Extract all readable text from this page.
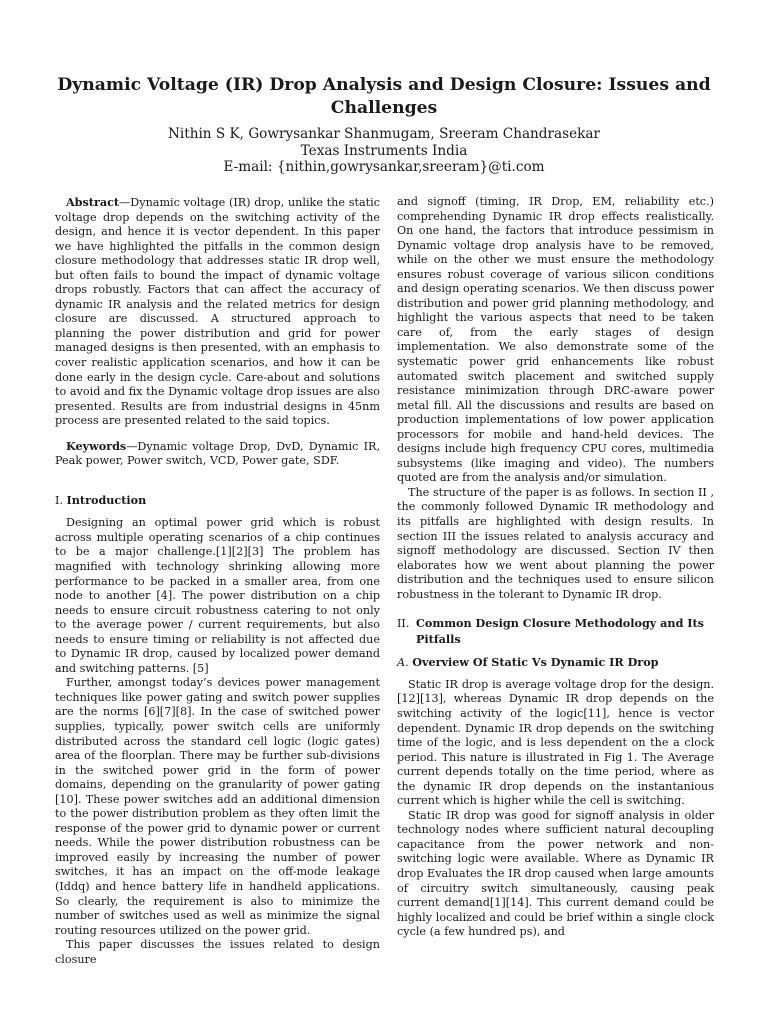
Dynamic Voltage (IR) Drop Analysis and Design Closure: Issues and Challenges

Nithin S K, Gowrysankar Shanmugam, Sreeram Chandrasekar

Texas Instruments India

E-mail: {nithin,gowrysankar,sreeram}@ti.com

Abstract—Dynamic voltage (IR) drop, unlike the static voltage drop depends on the switching activity of the design, and hence it is vector dependent. In this paper we have highlighted the pitfalls in the common design closure methodology that addresses static IR drop well, but often fails to bound the impact of dynamic voltage drops robustly. Factors that can affect the accuracy of dynamic IR analysis and the related metrics for design closure are discussed. A structured approach to planning the power distribution and grid for power managed designs is then presented, with an emphasis to cover realistic application scenarios, and how it can be done early in the design cycle. Care-about and solutions to avoid and fix the Dynamic voltage drop issues are also presented. Results are from industrial designs in 45nm process are presented related to the said topics.

Keywords—Dynamic voltage Drop, DvD, Dynamic IR, Peak power, Power switch, VCD, Power gate, SDF.

I. Introduction

Designing an optimal power grid which is robust across multiple operating scenarios of a chip continues to be a major challenge.[1][2][3] The problem has magnified with technology shrinking allowing more performance to be packed in a smaller area, from one node to another [4]. The power distribution on a chip needs to ensure circuit robustness catering to not only to the average power / current requirements, but also needs to ensure timing or reliability is not affected due to Dynamic IR drop, caused by localized power demand and switching patterns. [5]

Further, amongst today’s devices power management techniques like power gating and switch power supplies are the norms [6][7][8]. In the case of switched power supplies, typically, power switch cells are uniformly distributed across the standard cell logic (logic gates) area of the floorplan. There may be further sub-divisions in the switched power grid in the form of power domains, depending on the granularity of power gating [10]. These power switches add an additional dimension to the power distribution problem as they often limit the response of the power grid to dynamic power or current needs. While the power distribution robustness can be improved easily by increasing the number of power switches, it has an impact on the off-mode leakage (Iddq) and hence battery life in handheld applications. So clearly, the requirement is also to minimize the number of switches used as well as minimize the signal routing resources utilized on the power grid.

This paper discusses the issues related to design closure

and signoff (timing, IR Drop, EM, reliability etc.) comprehending Dynamic IR drop effects realistically. On one hand, the factors that introduce pessimism in Dynamic voltage drop analysis have to be removed, while on the other we must ensure the methodology ensures robust coverage of various silicon conditions and design operating scenarios. We then discuss power distribution and power grid planning methodology, and highlight the various aspects that need to be taken care of, from the early stages of design implementation. We also demonstrate some of the systematic power grid enhancements like robust automated switch placement and switched supply resistance minimization through DRC-aware power metal fill. All the discussions and results are based on production implementations of low power application processors for mobile and hand-held devices. The designs include high frequency CPU cores, multimedia subsystems (like imaging and video). The numbers quoted are from the analysis and/or simulation.

The structure of the paper is as follows. In section II , the commonly followed Dynamic IR methodology and its pitfalls are highlighted with design results. In section III the issues related to analysis accuracy and signoff methodology are discussed. Section IV then elaborates how we went about planning the power distribution and the techniques used to ensure silicon robustness in the tolerant to Dynamic IR drop.

II. Common Design Closure Methodology and Its Pitfalls
A. Overview Of Static Vs Dynamic IR Drop

Static IR drop is average voltage drop for the design.[12][13], whereas Dynamic IR drop depends on the switching activity of the logic[11], hence is vector dependent. Dynamic IR drop depends on the switching time of the logic, and is less dependent on the a clock period. This nature is illustrated in Fig 1. The Average current depends totally on the time period, where as the dynamic IR drop depends on the instantanious current which is higher while the cell is switching.

Static IR drop was good for signoff analysis in older technology nodes where sufficient natural decoupling capacitance from the power network and non-switching logic were available. Where as Dynamic IR drop Evaluates the IR drop caused when large amounts of circuitry switch simultaneously, causing peak current demand[1][14]. This current demand could be highly localized and could be brief within a single clock cycle (a few hundred ps), and
